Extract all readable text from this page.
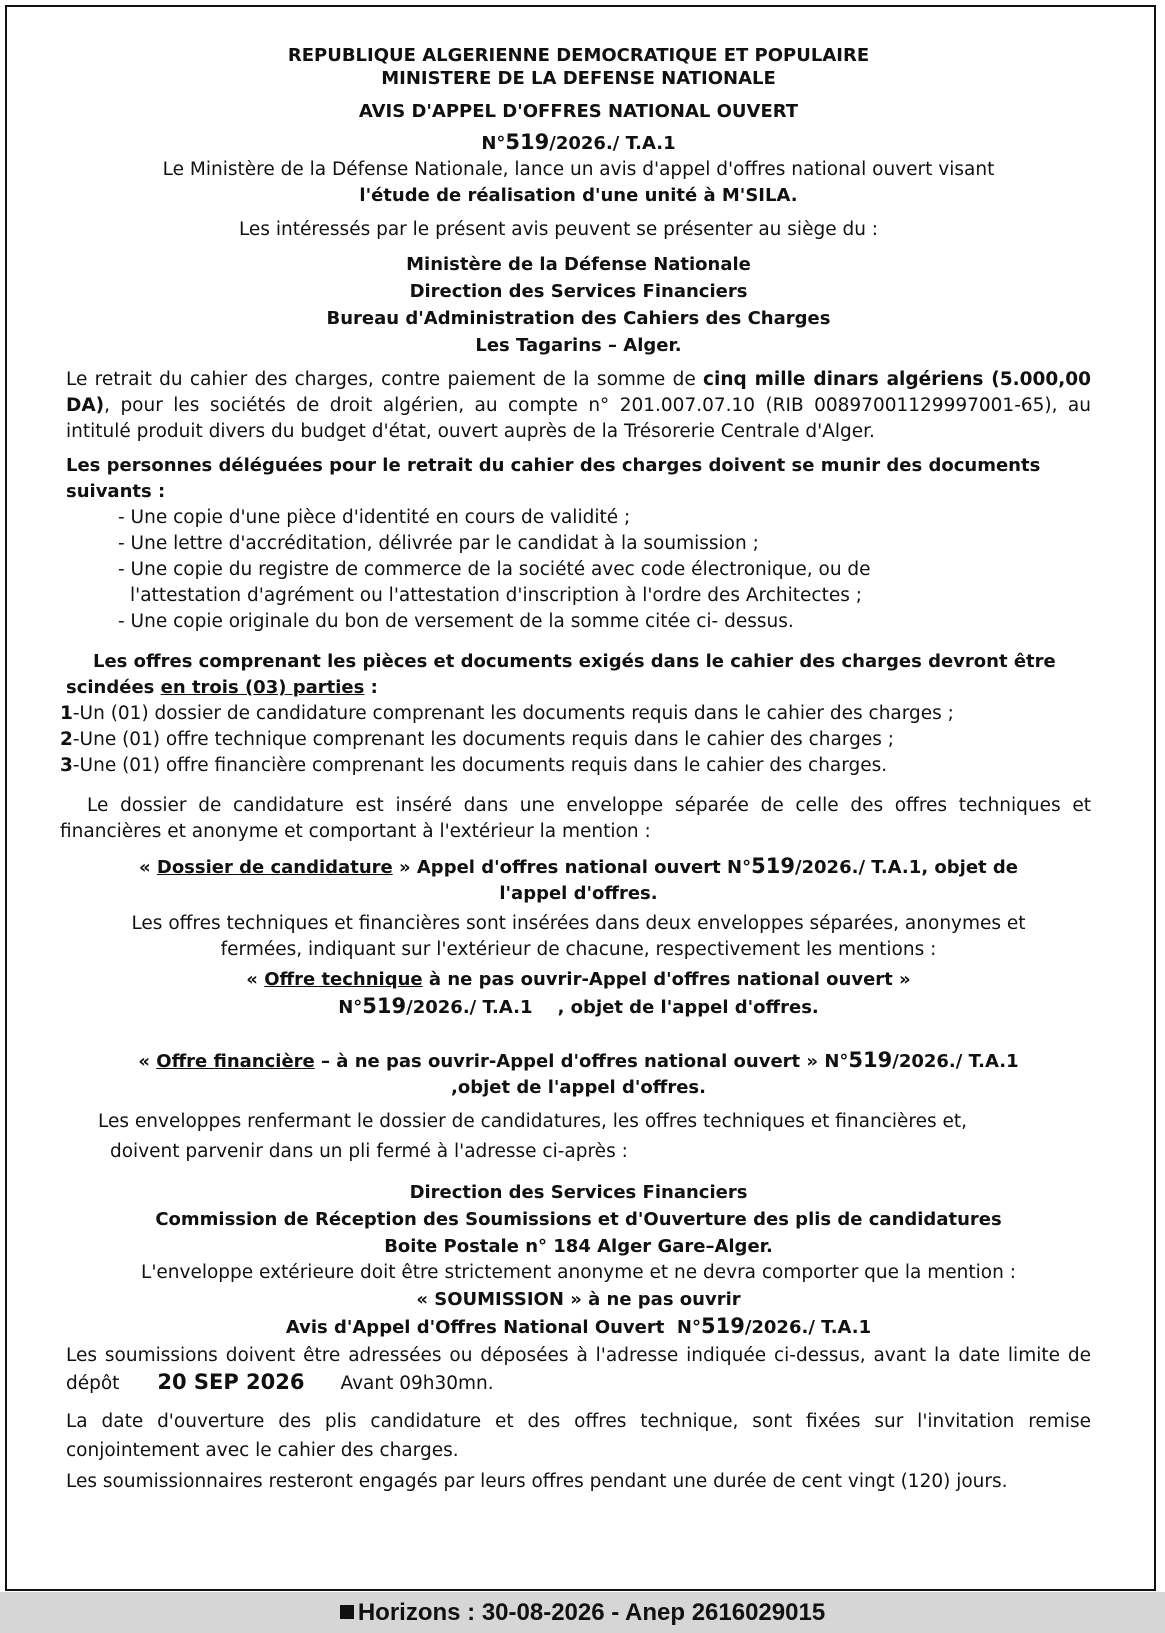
REPUBLIQUE ALGERIENNE DEMOCRATIQUE ET POPULAIRE
MINISTERE DE LA DEFENSE NATIONALE
AVIS D'APPEL D'OFFRES NATIONAL OUVERT
N°519/2026./ T.A.1
Le Ministère de la Défense Nationale, lance un avis d'appel d'offres national ouvert visant
l'étude de réalisation d'une unité à M'SILA.
Les intéressés par le présent avis peuvent se présenter au siège du :
Ministère de la Défense Nationale
Direction des Services Financiers
Bureau d'Administration des Cahiers des Charges
Les Tagarins – Alger.
Le retrait du cahier des charges, contre paiement de la somme de cinq mille dinars algériens (5.000,00 DA), pour les sociétés de droit algérien, au compte n° 201.007.07.10 (RIB 00897001129997001-65), au intitulé produit divers du budget d'état, ouvert auprès de la Trésorerie Centrale d'Alger.
Les personnes déléguées pour le retrait du cahier des charges doivent se munir des documents suivants :
- Une copie d'une pièce d'identité en cours de validité ;
- Une lettre d'accréditation, délivrée par le candidat à la soumission ;
- Une copie du registre de commerce de la société avec code électronique, ou de
l'attestation d'agrément ou l'attestation d'inscription à l'ordre des Architectes ;
- Une copie originale du bon de versement de la somme citée ci- dessus.
Les offres comprenant les pièces et documents exigés dans le cahier des charges devront être scindées en trois (03) parties :
1-Un (01) dossier de candidature comprenant les documents requis dans le cahier des charges ;
2-Une (01) offre technique comprenant les documents requis dans le cahier des charges ;
3-Une (01) offre financière comprenant les documents requis dans le cahier des charges.
Le dossier de candidature est inséré dans une enveloppe séparée de celle des offres techniques et financières et anonyme et comportant à l'extérieur la mention :
« Dossier de candidature » Appel d'offres national ouvert N°519/2026./ T.A.1, objet de l'appel d'offres.
Les offres techniques et financières sont insérées dans deux enveloppes séparées, anonymes et fermées, indiquant sur l'extérieur de chacune, respectivement les mentions :
« Offre technique à ne pas ouvrir-Appel d'offres national ouvert »
N°519/2026./ T.A.1    , objet de l'appel d'offres.
« Offre financière – à ne pas ouvrir-Appel d'offres national ouvert » N°519/2026./ T.A.1 ,objet de l'appel d'offres.
Les enveloppes renfermant le dossier de candidatures, les offres techniques et financières et,
doivent parvenir dans un pli fermé à l'adresse ci-après :
Direction des Services Financiers
Commission de Réception des Soumissions et d'Ouverture des plis de candidatures
Boite Postale n° 184 Alger Gare–Alger.
L'enveloppe extérieure doit être strictement anonyme et ne devra comporter que la mention :
« SOUMISSION » à ne pas ouvrir
Avis d'Appel d'Offres National Ouvert  N°519/2026./ T.A.1
Les soumissions doivent être adressées ou déposées à l'adresse indiquée ci-dessus, avant la date limite de dépôt 20 SEP 2026 Avant 09h30mn.
La date d'ouverture des plis candidature et des offres technique, sont fixées sur l'invitation remise conjointement avec le cahier des charges.
Les soumissionnaires resteront engagés par leurs offres pendant une durée de cent vingt (120) jours.
Horizons : 30-08-2026 - Anep 2616029015
